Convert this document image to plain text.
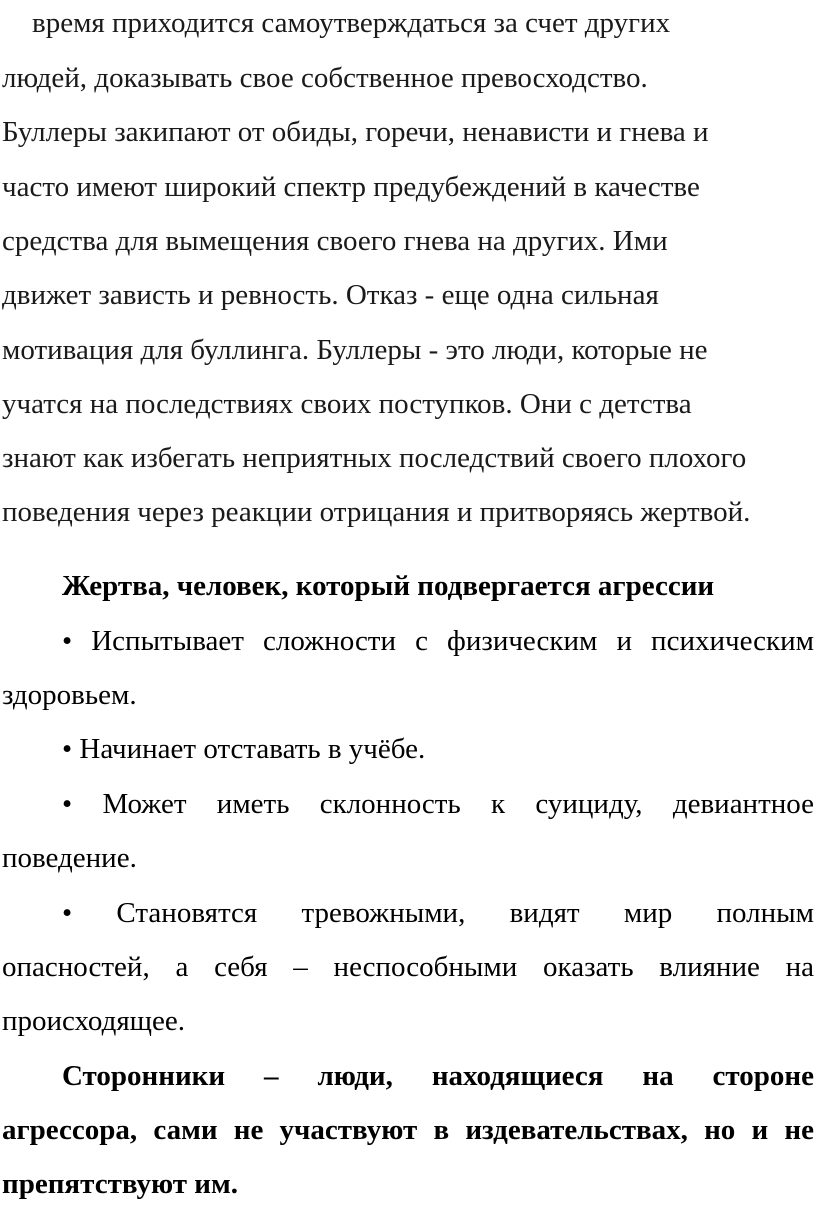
время приходится самоутверждаться за счет других
людей, доказывать свое собственное превосходство.
Буллеры закипают от обиды, горечи, ненависти и гнева и
часто имеют широкий спектр предубеждений в качестве
средства для вымещения своего гнева на других. Ими
движет зависть и ревность. Отказ - еще одна сильная
мотивация для буллинга. Буллеры - это люди, которые не
учатся на последствиях своих поступков. Они с детства
знают как избегать неприятных последствий своего плохого
поведения через реакции отрицания и притворяясь жертвой.
Жертва, человек, который подвергается агрессии
• Испытывает сложности с физическим и психическим
здоровьем.
• Начинает отставать в учёбе.
• Может иметь склонность к суициду, девиантное
поведение.
• Становятся тревожными, видят мир полным
опасностей, а себя – неспособными оказать влияние на
происходящее.
Сторонники – люди, находящиеся на стороне
агрессора, сами не участвуют в издевательствах, но и не
препятствуют им.
